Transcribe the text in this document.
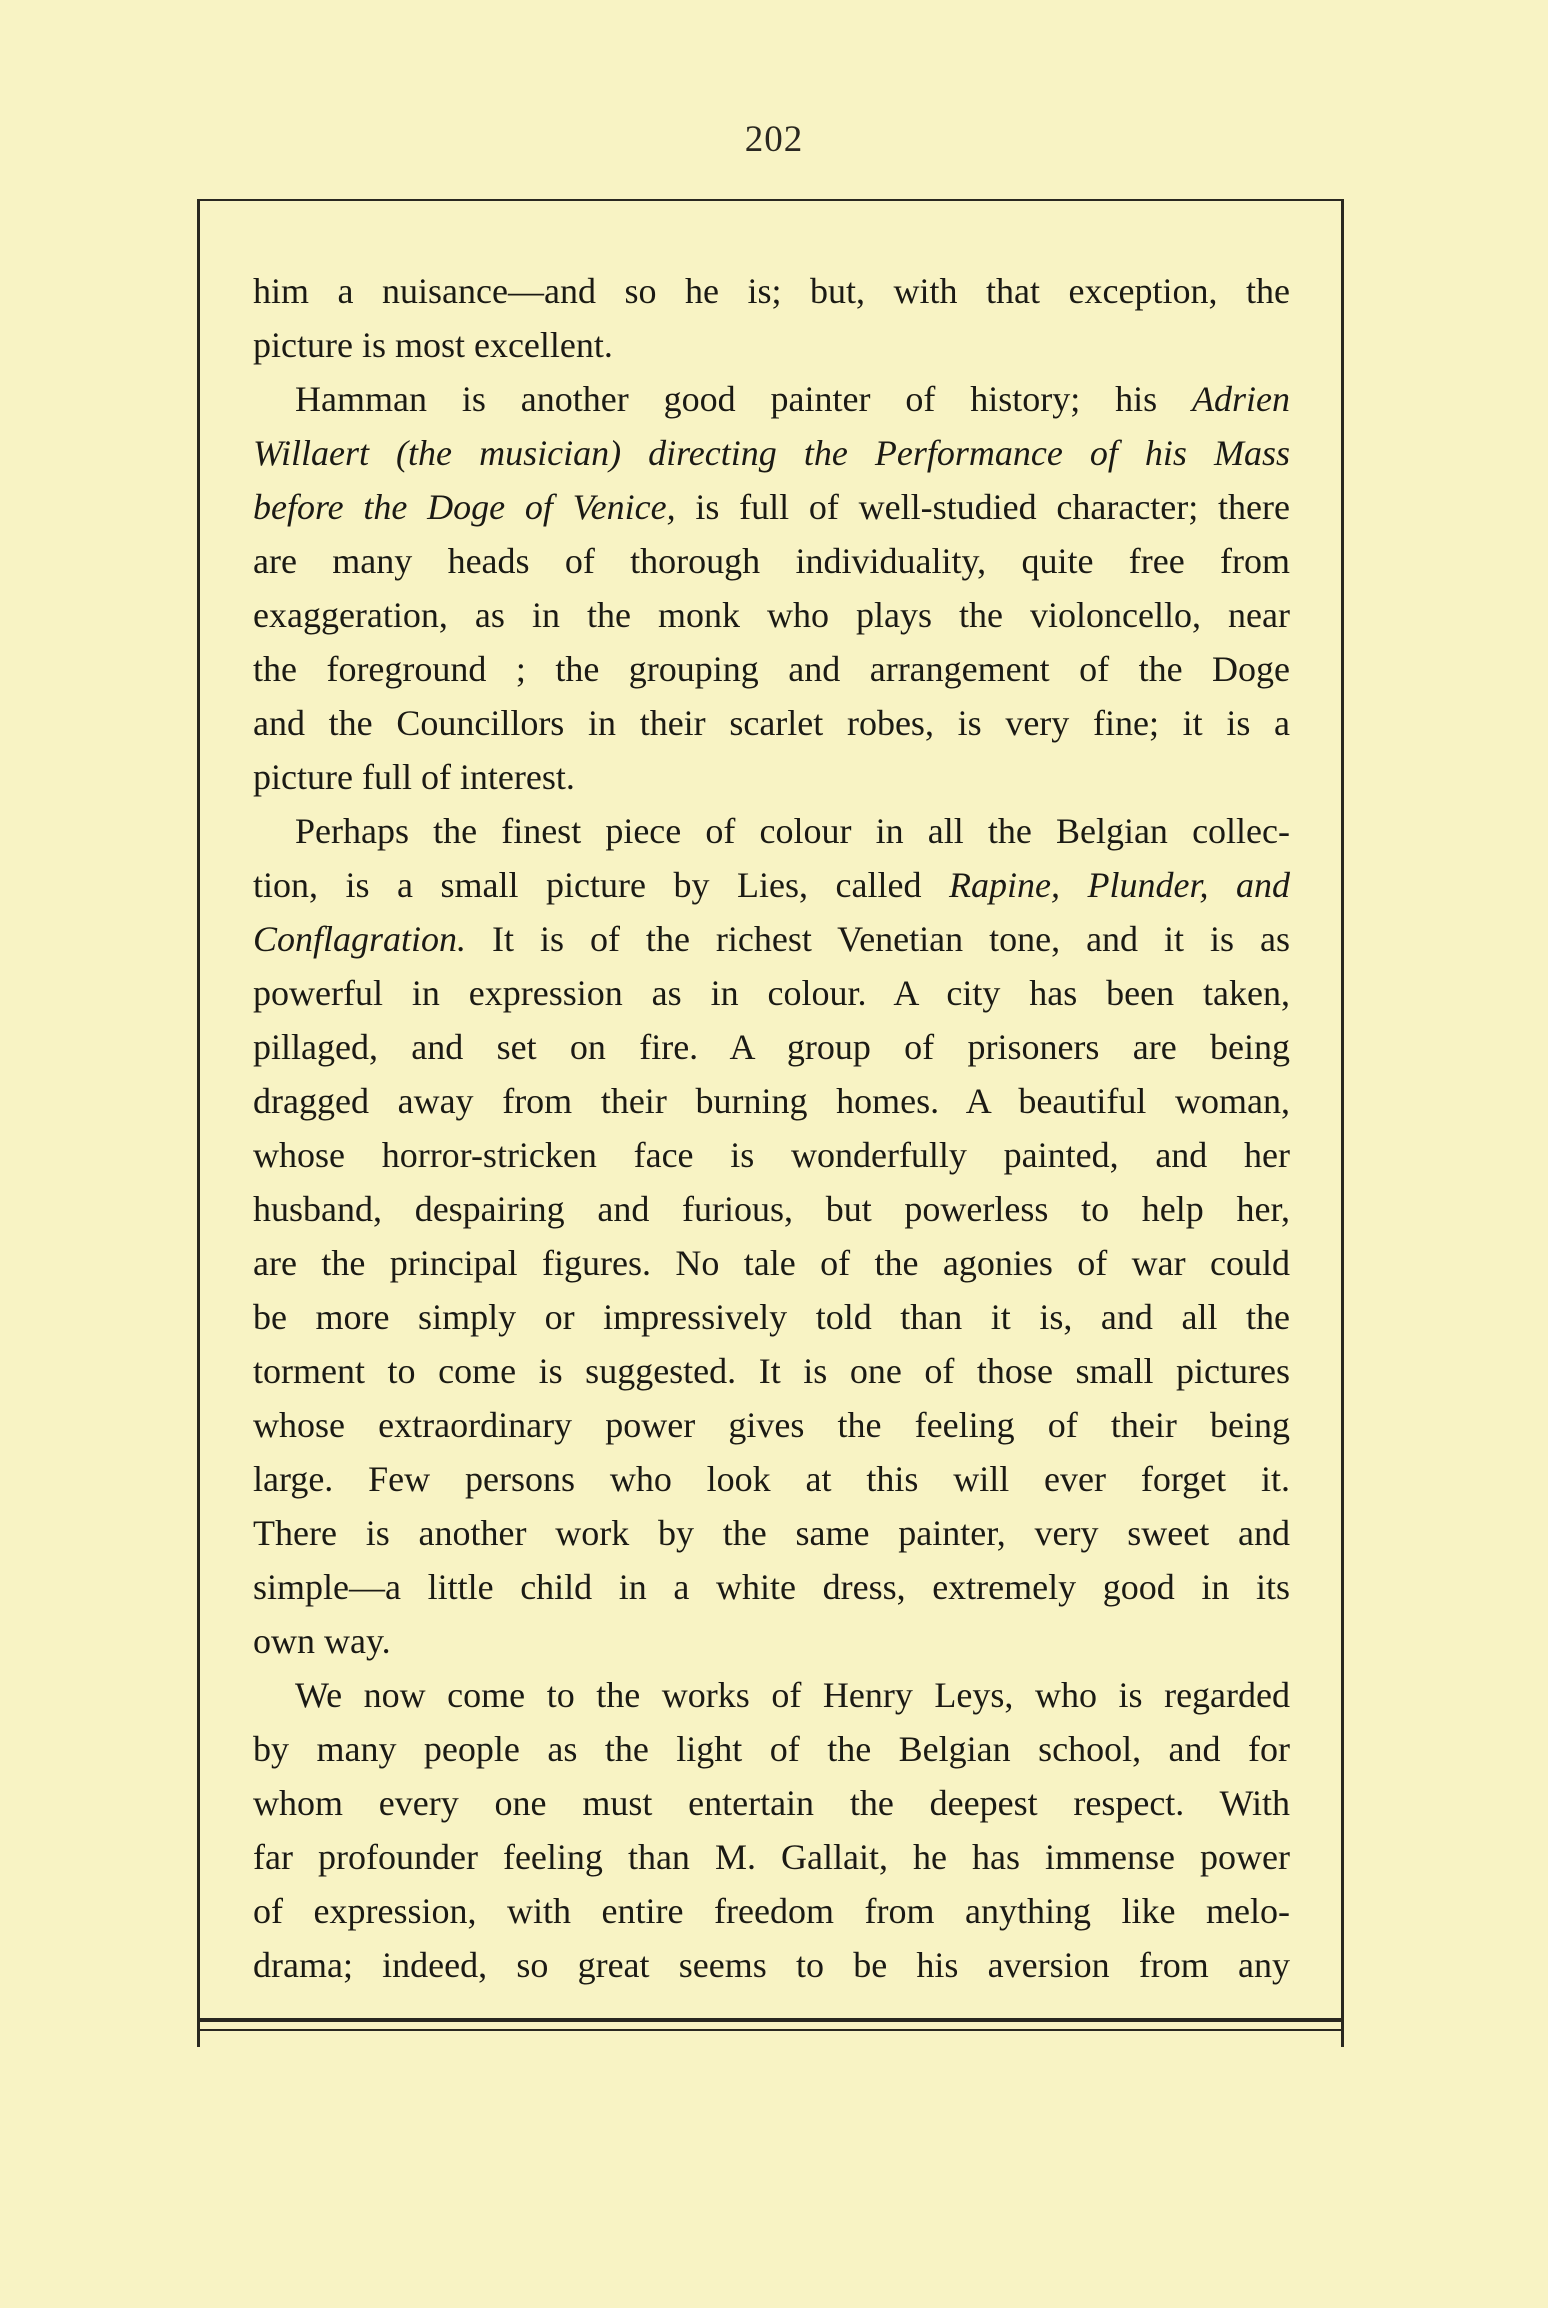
202
him a nuisance—and so he is; but, with that exception, the
picture is most excellent.
Hamman is another good painter of history; his Adrien
Willaert (the musician) directing the Performance of his Mass
before the Doge of Venice, is full of well-studied character; there
are many heads of thorough individuality, quite free from
exaggeration, as in the monk who plays the violoncello, near
the foreground ; the grouping and arrangement of the Doge
and the Councillors in their scarlet robes, is very fine; it is a
picture full of interest.
Perhaps the finest piece of colour in all the Belgian collec-
tion, is a small picture by Lies, called Rapine, Plunder, and
Conflagration. It is of the richest Venetian tone, and it is as
powerful in expression as in colour. A city has been taken,
pillaged, and set on fire. A group of prisoners are being
dragged away from their burning homes. A beautiful woman,
whose horror-stricken face is wonderfully painted, and her
husband, despairing and furious, but powerless to help her,
are the principal figures. No tale of the agonies of war could
be more simply or impressively told than it is, and all the
torment to come is suggested. It is one of those small pictures
whose extraordinary power gives the feeling of their being
large. Few persons who look at this will ever forget it.
There is another work by the same painter, very sweet and
simple—a little child in a white dress, extremely good in its
own way.
We now come to the works of Henry Leys, who is regarded
by many people as the light of the Belgian school, and for
whom every one must entertain the deepest respect. With
far profounder feeling than M. Gallait, he has immense power
of expression, with entire freedom from anything like melo-
drama; indeed, so great seems to be his aversion from any
